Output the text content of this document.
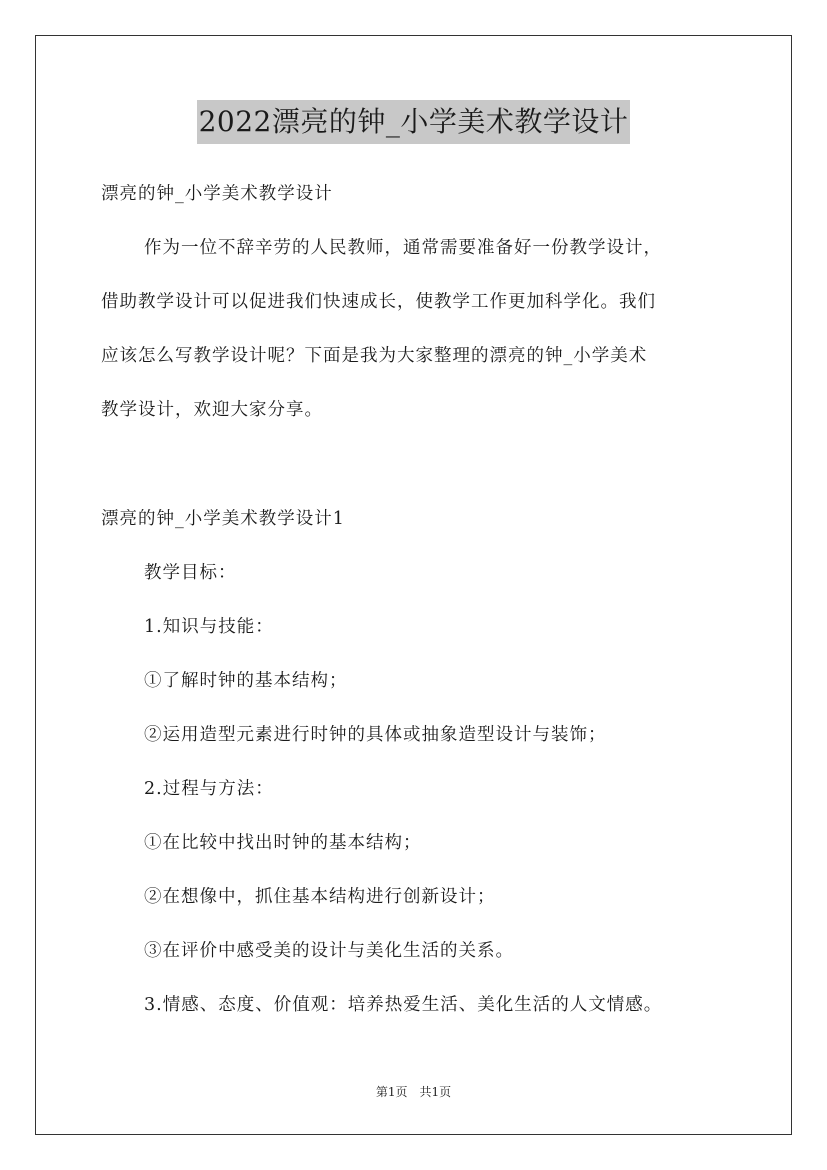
2022漂亮的钟_小学美术教学设计
漂亮的钟_小学美术教学设计
作为一位不辞辛劳的人民教师，通常需要准备好一份教学设计，
借助教学设计可以促进我们快速成长，使教学工作更加科学化。我们
应该怎么写教学设计呢？下面是我为大家整理的漂亮的钟_小学美术
教学设计，欢迎大家分享。
漂亮的钟_小学美术教学设计1
教学目标：
1.知识与技能：
①了解时钟的基本结构；
②运用造型元素进行时钟的具体或抽象造型设计与装饰；
2.过程与方法：
①在比较中找出时钟的基本结构；
②在想像中，抓住基本结构进行创新设计；
③在评价中感受美的设计与美化生活的关系。
3.情感、态度、价值观：培养热爱生活、美化生活的人文情感。
第1页　共1页
